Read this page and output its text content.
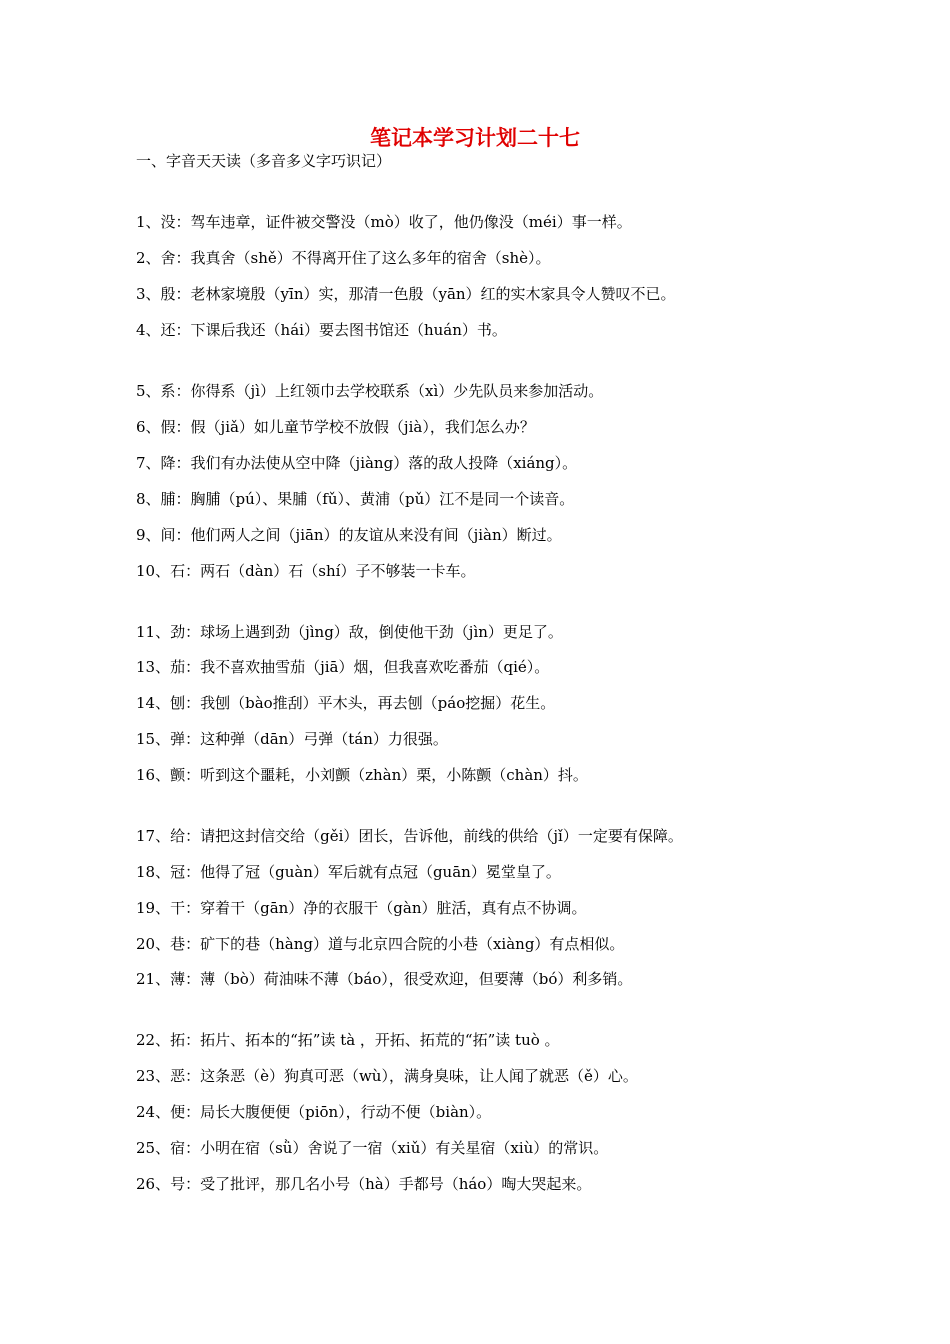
笔记本学习计划二十七
一、字音天天读（多音多义字巧识记）
1、没：驾车违章，证件被交警没（mò）收了，他仍像没（méi）事一样。
2、舍：我真舍（shě）不得离开住了这么多年的宿舍（shè）。
3、殷：老林家境殷（yīn）实，那清一色殷（yān）红的实木家具令人赞叹不已。
4、还：下课后我还（hái）要去图书馆还（huán）书。
5、系：你得系（jì）上红领巾去学校联系（xì）少先队员来参加活动。
6、假：假（jiǎ）如儿童节学校不放假（jià），我们怎么办？
7、降：我们有办法使从空中降（jiàng）落的敌人投降（xiáng）。
8、脯：胸脯（pú）、果脯（fǔ）、黄浦（pǔ）江不是同一个读音。
9、间：他们两人之间（jiān）的友谊从来没有间（jiàn）断过。
10、石：两石（dàn）石（shí）子不够装一卡车。
11、劲：球场上遇到劲（jìng）敌，倒使他干劲（jìn）更足了。
13、茄：我不喜欢抽雪茄（jiā）烟，但我喜欢吃番茄（qié）。
14、刨：我刨（bào推刮）平木头，再去刨（páo挖掘）花生。
15、弹：这种弹（dān）弓弹（tán）力很强。
16、颤：听到这个噩耗，小刘颤（zhàn）栗，小陈颤（chàn）抖。
17、给：请把这封信交给（gěi）团长，告诉他，前线的供给（jǐ）一定要有保障。
18、冠：他得了冠（guàn）军后就有点冠（guān）冕堂皇了。
19、干：穿着干（gān）净的衣服干（gàn）脏活，真有点不协调。
20、巷：矿下的巷（hàng）道与北京四合院的小巷（xiàng）有点相似。
21、薄：薄（bò）荷油味不薄（báo），很受欢迎，但要薄（bó）利多销。
22、拓：拓片、拓本的“拓”读 tà ，开拓、拓荒的“拓”读 tuò 。
23、恶：这条恶（è）狗真可恶（wù），满身臭味，让人闻了就恶（ě）心。
24、便：局长大腹便便（piōn），行动不便（biàn）。
25、宿：小明在宿（sǜ）舍说了一宿（xiǔ）有关星宿（xiù）的常识。
26、号：受了批评，那几名小号（hà）手都号（háo）啕大哭起来。
